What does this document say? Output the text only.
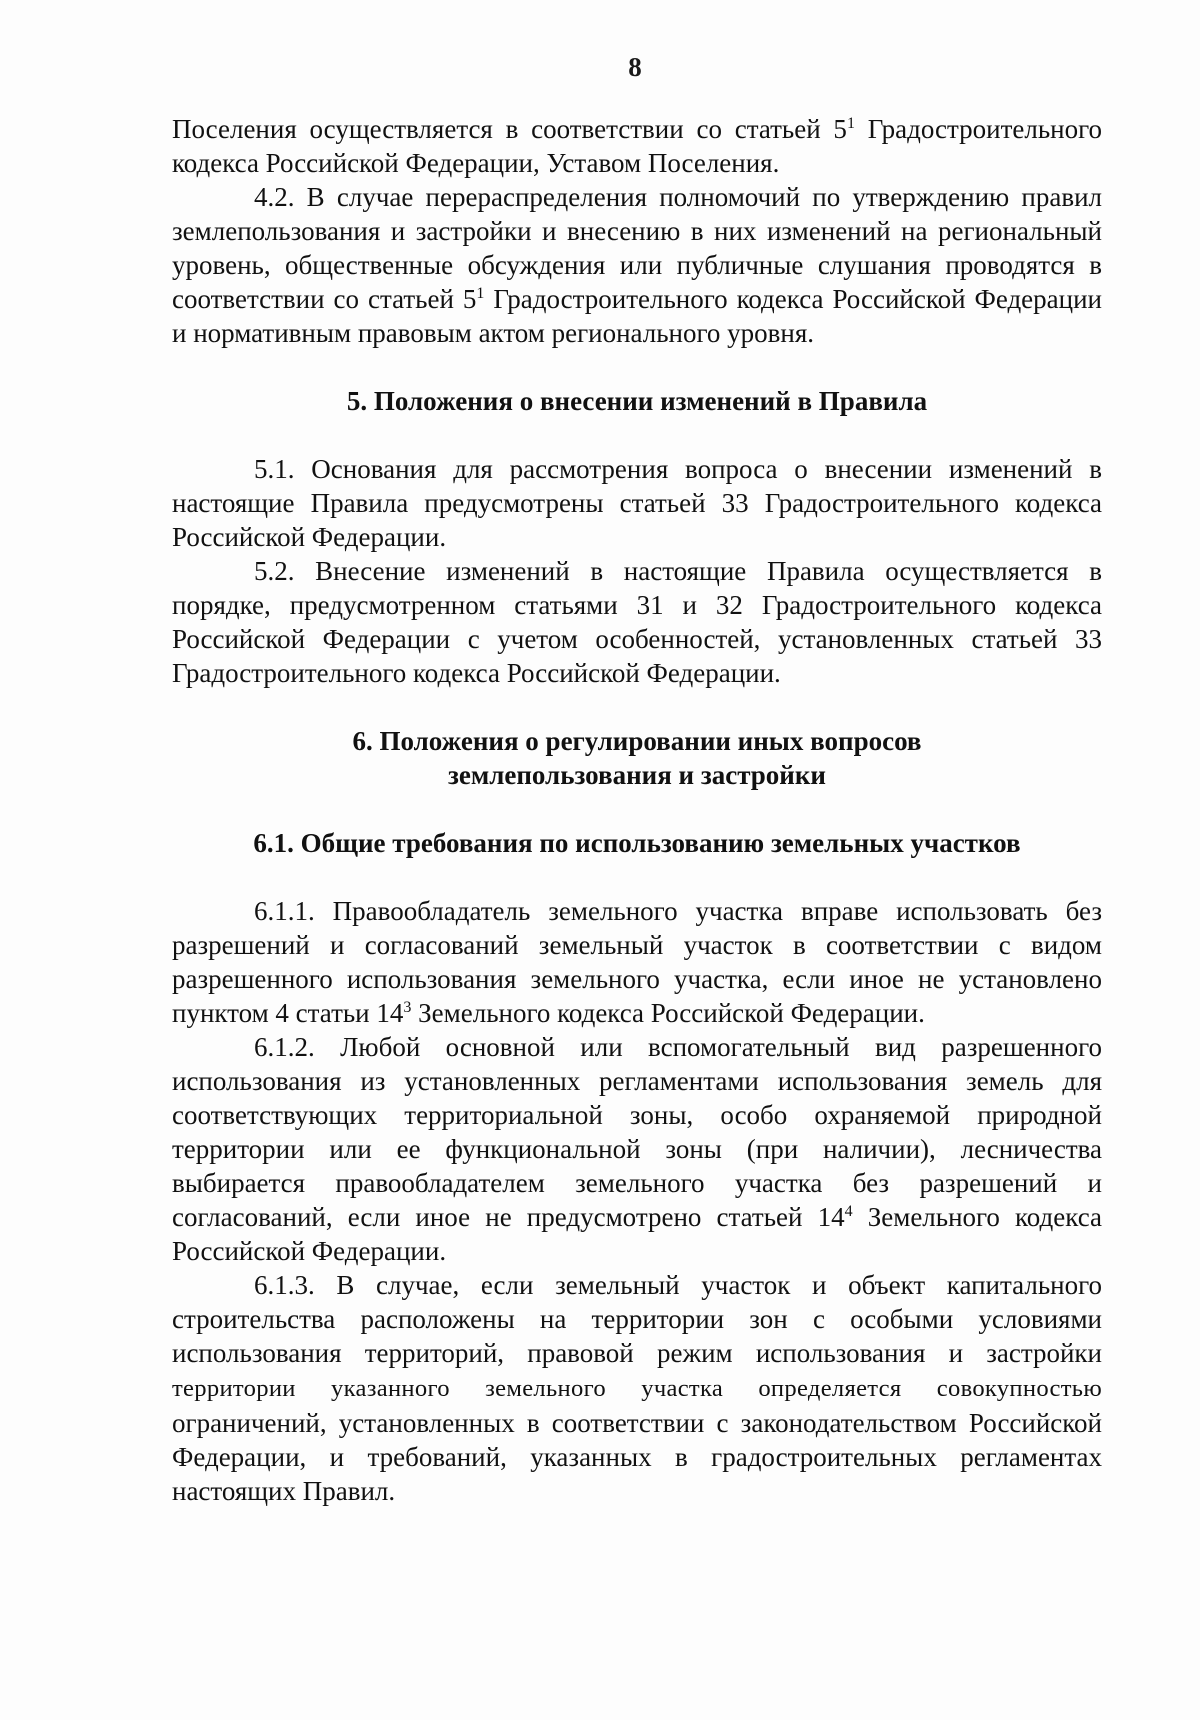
8

Поселения осуществляется в соответствии со статьей $5^1$ Градостроительного кодекса Российской Федерации, Уставом Поселения.

4.2. В случае перераспределения полномочий по утверждению правил землепользования и застройки и внесению в них изменений на региональный уровень, общественные обсуждения или публичные слушания проводятся в соответствии со статьей $5^1$ Градостроительного кодекса Российской Федерации и нормативным правовым актом регионального уровня.

5. Положения о внесении изменений в Правила

5.1. Основания для рассмотрения вопроса о внесении изменений в настоящие Правила предусмотрены статьей 33 Градостроительного кодекса Российской Федерации.

5.2. Внесение изменений в настоящие Правила осуществляется в порядке, предусмотренном статьями 31 и 32 Градостроительного кодекса Российской Федерации с учетом особенностей, установленных статьей 33 Градостроительного кодекса Российской Федерации.

6. Положения о регулировании иных вопросов

землепользования и застройки

6.1. Общие требования по использованию земельных участков

6.1.1. Правообладатель земельного участка вправе использовать без разрешений и согласований земельный участок в соответствии с видом разрешенного использования земельного участка, если иное не установлено пунктом 4 статьи $14^3$ Земельного кодекса Российской Федерации.

6.1.2. Любой основной или вспомогательный вид разрешенного использования из установленных регламентами использования земель для соответствующих территориальной зоны, особо охраняемой природной территории или ее функциональной зоны (при наличии), лесничества выбирается правообладателем земельного участка без разрешений и согласований, если иное не предусмотрено статьей $14^4$ Земельного кодекса Российской Федерации.

6.1.3. В случае, если земельный участок и объект капитального строительства расположены на территории зон с особыми условиями использования территорий, правовой режим использования и застройки территории указанного земельного участка определяется совокупностью ограничений, установленных в соответствии с законодательством Российской Федерации, и требований, указанных в градостроительных регламентах настоящих Правил.
